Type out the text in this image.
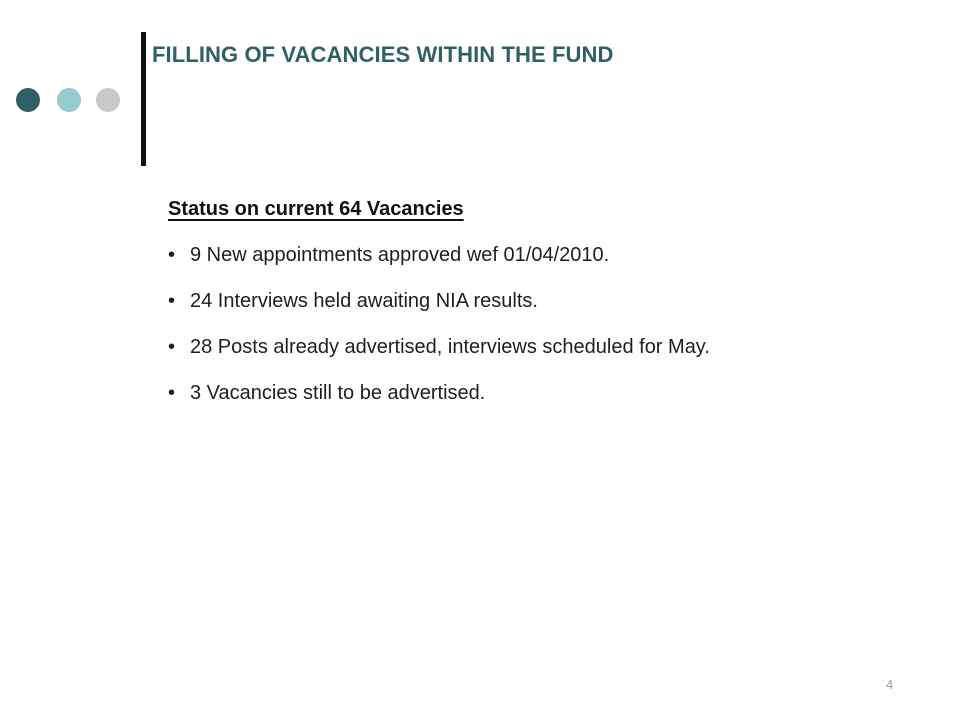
FILLING OF VACANCIES WITHIN THE FUND
Status on current 64 Vacancies
• 9 New appointments approved wef 01/04/2010.
• 24 Interviews held awaiting NIA results.
• 28 Posts already advertised, interviews scheduled for May.
• 3 Vacancies still to be advertised.
4
